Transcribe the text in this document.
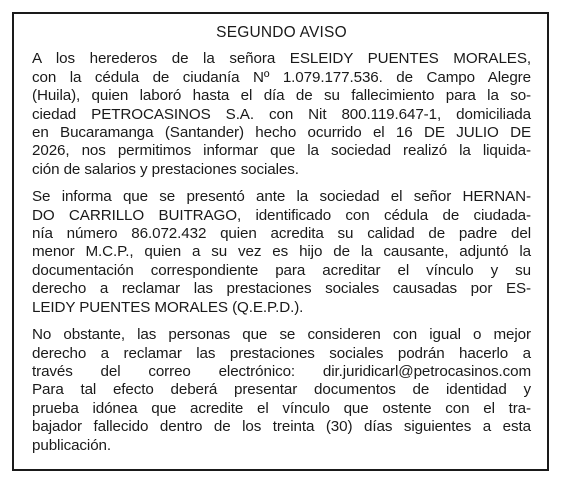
SEGUNDO AVISO
A los herederos de la señora ESLEIDY PUENTES MORALES,
con la cédula de ciudanía Nº 1.079.177.536. de Campo Alegre
(Huila), quien laboró hasta el día de su fallecimiento para la so-
ciedad PETROCASINOS S.A. con Nit 800.119.647-1, domiciliada
en Bucaramanga (Santander) hecho ocurrido el 16 DE JULIO DE
2026, nos permitimos informar que la sociedad realizó la liquida-
ción de salarios y prestaciones sociales.
Se informa que se presentó ante la sociedad el señor HERNAN-
DO CARRILLO BUITRAGO, identificado con cédula de ciudada-
nía número 86.072.432 quien acredita su calidad de padre del
menor M.C.P., quien a su vez es hijo de la causante, adjuntó la
documentación correspondiente para acreditar el vínculo y su
derecho a reclamar las prestaciones sociales causadas por ES-
LEIDY PUENTES MORALES (Q.E.P.D.).
No obstante, las personas que se consideren con igual o mejor
derecho a reclamar las prestaciones sociales podrán hacerlo a
través del correo electrónico: dir.juridicarl@petrocasinos.com
Para tal efecto deberá presentar documentos de identidad y
prueba idónea que acredite el vínculo que ostente con el tra-
bajador fallecido dentro de los treinta (30) días siguientes a esta
publicación.
